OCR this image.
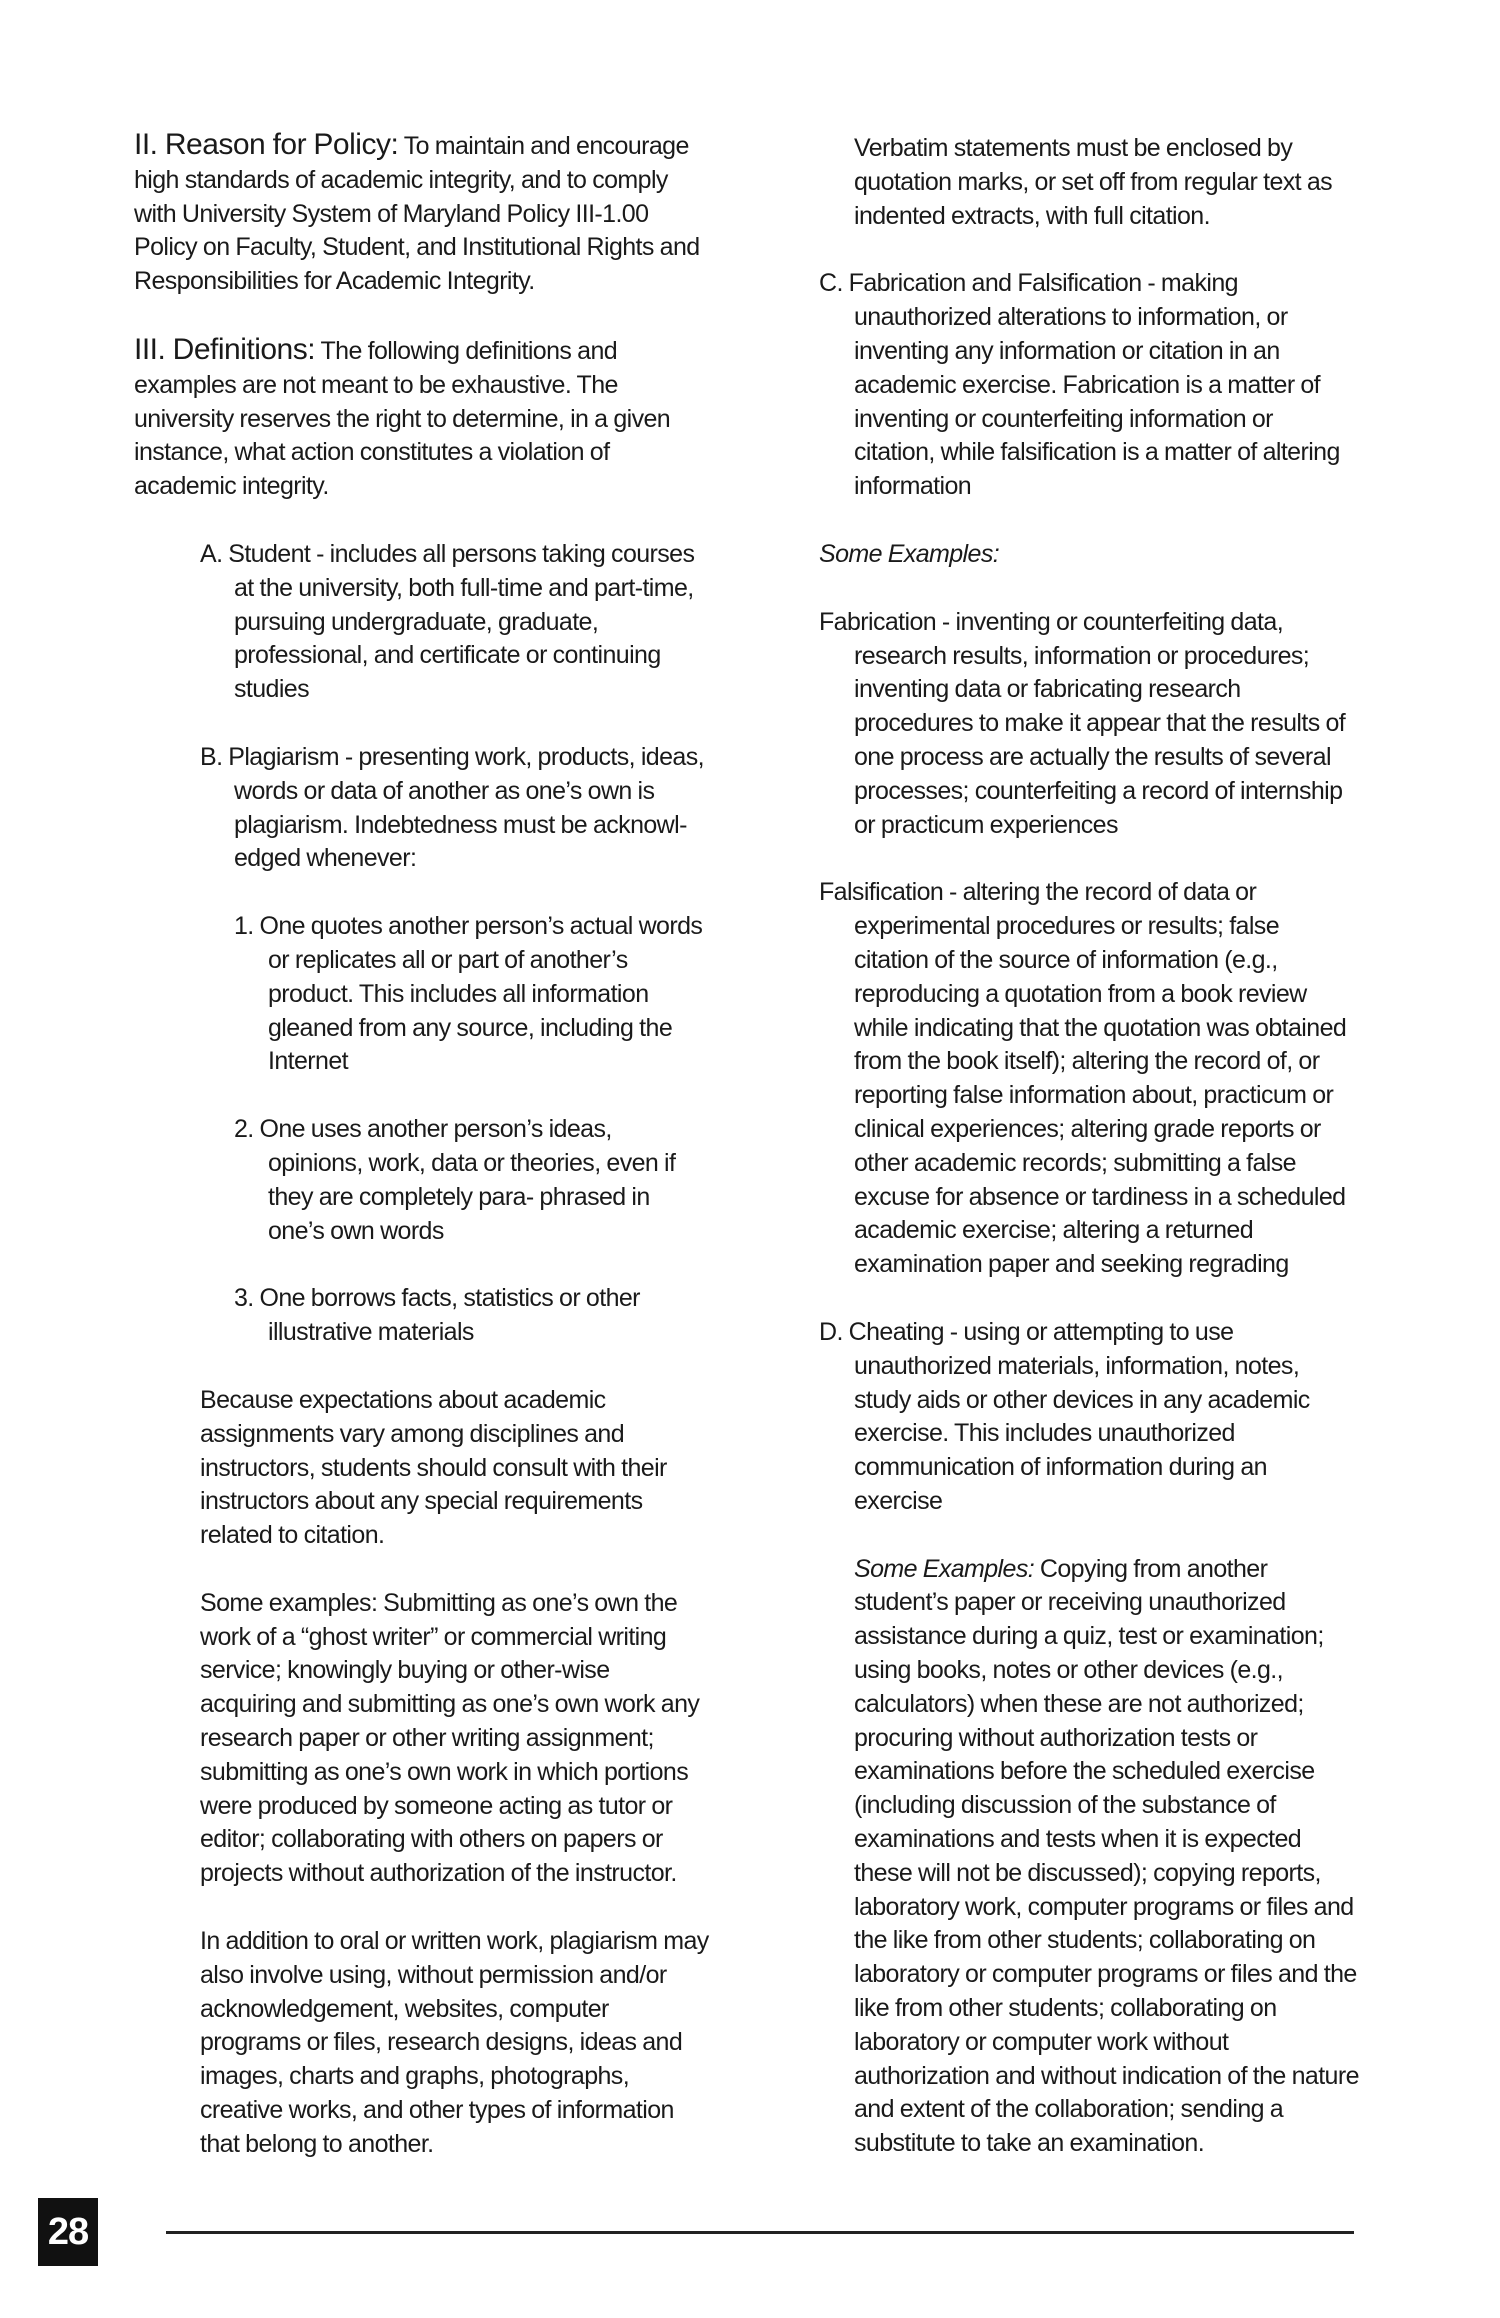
II. Reason for Policy: To maintain and encourage high standards of academic integrity, and to comply with University System of Maryland Policy III-1.00 Policy on Faculty, Student, and Institutional Rights and Responsibilities for Academic Integrity.

III. Definitions: The following definitions and examples are not meant to be exhaustive. The university reserves the right to determine, in a given instance, what action constitutes a violation of academic integrity.

A. Student - includes all persons taking courses at the university, both full-time and part-time, pursuing undergraduate, graduate, professional, and certificate or continuing studies

B. Plagiarism - presenting work, products, ideas, words or data of another as one’s own is plagiarism. Indebtedness must be acknowl-edged whenever:

1. One quotes another person’s actual words or replicates all or part of another’s product. This includes all information gleaned from any source, including the Internet

2. One uses another person’s ideas, opinions, work, data or theories, even if they are completely para- phrased in one’s own words

3. One borrows facts, statistics or other illustrative materials

Because expectations about academic assignments vary among disciplines and instructors, students should consult with their instructors about any special requirements related to citation.

Some examples: Submitting as one’s own the work of a “ghost writer” or commercial writing service; knowingly buying or other-wise acquiring and submitting as one’s own work any research paper or other writing assignment; submitting as one’s own work in which portions were produced by someone acting as tutor or editor; collaborating with others on papers or projects without authorization of the instructor.

In addition to oral or written work, plagiarism may also involve using, without permission and/or acknowledgement, websites, computer programs or files, research designs, ideas and images, charts and graphs, photographs, creative works, and other types of information that belong to another.

Verbatim statements must be enclosed by quotation marks, or set off from regular text as indented extracts, with full citation.

C. Fabrication and Falsification - making unauthorized alterations to information, or inventing any information or citation in an academic exercise. Fabrication is a matter of inventing or counterfeiting information or citation, while falsification is a matter of altering information

Some Examples:

Fabrication - inventing or counterfeiting data, research results, information or procedures; inventing data or fabricating research procedures to make it appear that the results of one process are actually the results of several processes; counterfeiting a record of internship or practicum experiences

Falsification - altering the record of data or experimental procedures or results; false citation of the source of information (e.g., reproducing a quotation from a book review while indicating that the quotation was obtained from the book itself); altering the record of, or reporting false information about, practicum or clinical experiences; altering grade reports or other academic records; submitting a false excuse for absence or tardiness in a scheduled academic exercise; altering a returned examination paper and seeking regrading

D. Cheating - using or attempting to use unauthorized materials, information, notes, study aids or other devices in any academic exercise. This includes unauthorized communication of information during an exercise

Some Examples: Copying from another student’s paper or receiving unauthorized assistance during a quiz, test or examination; using books, notes or other devices (e.g., calculators) when these are not authorized; procuring without authorization tests or examinations before the scheduled exercise (including discussion of the substance of examinations and tests when it is expected these will not be discussed); copying reports, laboratory work, computer programs or files and the like from other students; collaborating on laboratory or computer programs or files and the like from other students; collaborating on laboratory or computer work without authorization and without indication of the nature and extent of the collaboration; sending a substitute to take an examination.

28
